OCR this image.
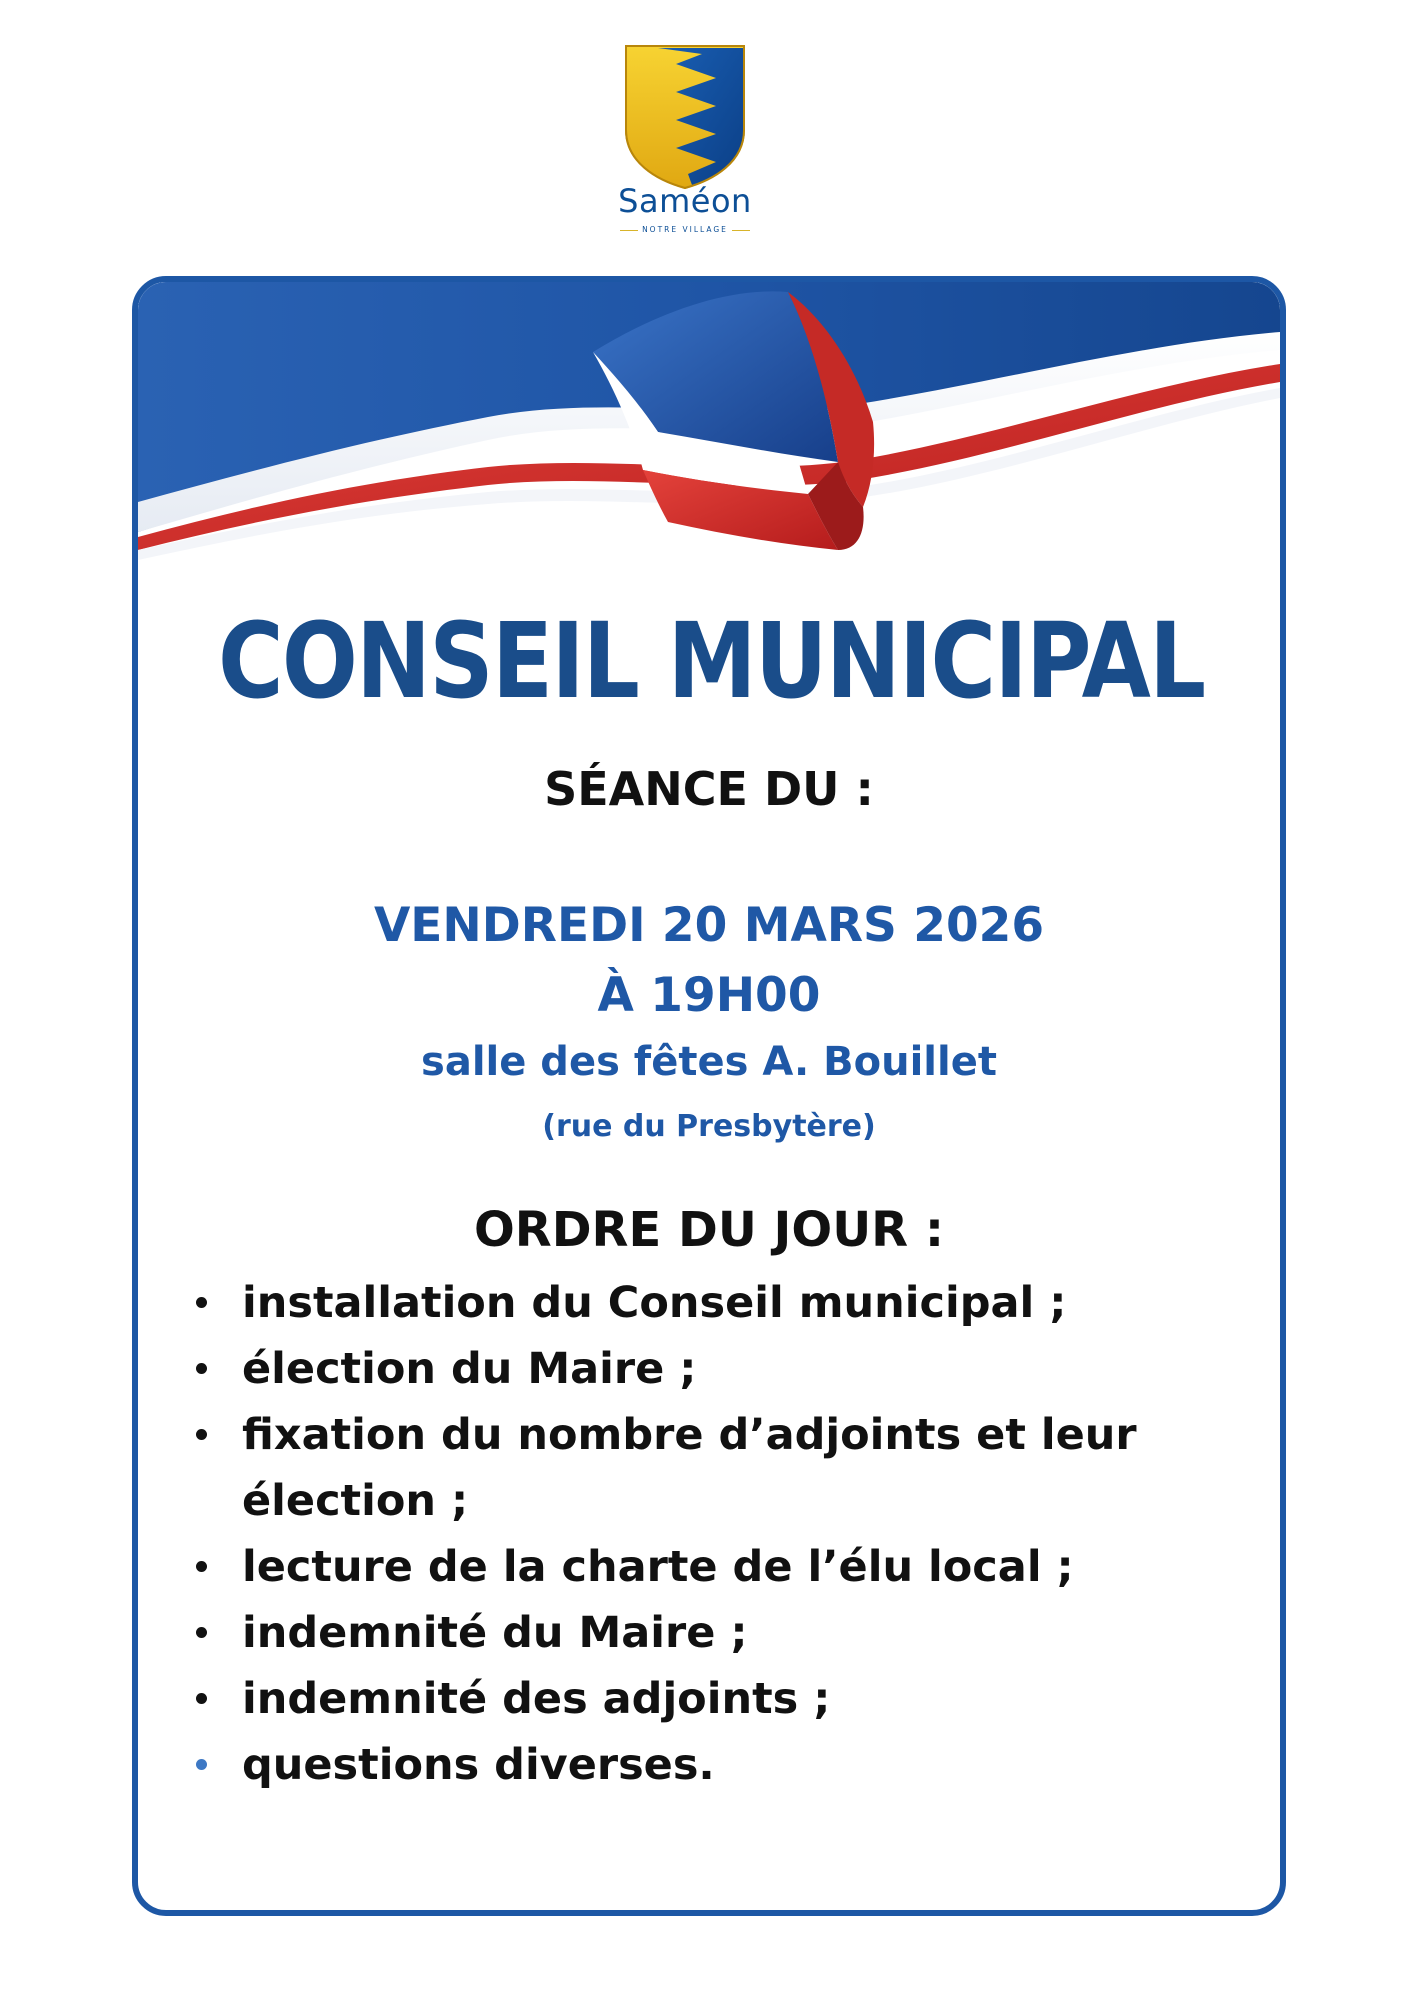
Saméon
NOTRE VILLAGE
CONSEIL MUNICIPAL
SÉANCE DU :
VENDREDI 20 MARS 2026
À 19H00
salle des fêtes A. Bouillet
(rue du Presbytère)
ORDRE DU JOUR :
installation du Conseil municipal ;
élection du Maire ;
fixation du nombre d’adjoints et leur élection ;
lecture de la charte de l’élu local ;
indemnité du Maire ;
indemnité des adjoints ;
questions diverses.
